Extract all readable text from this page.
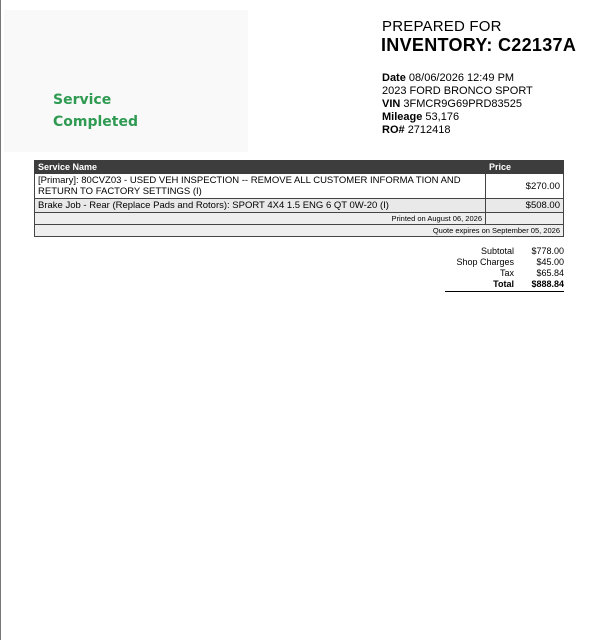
Service
Completed
PREPARED FOR
INVENTORY: C22137A
Date 08/06/2026 12:49 PM
2023 FORD BRONCO SPORT
VIN 3FMCR9G69PRD83525
Mileage 53,176
RO# 2712418
Service Name	Price
[Primary]: 80CVZ03 - USED VEH INSPECTION -- REMOVE ALL CUSTOMER INFORMA TION AND RETURN TO FACTORY SETTINGS (I)	$270.00
Brake Job - Rear (Replace Pads and Rotors): SPORT 4X4 1.5 ENG 6 QT 0W-20 (I)	$508.00
Printed on August 06, 2026	
Quote expires on September 05, 2026	
Subtotal	$778.00
Shop Charges	$45.00
Tax	$65.84
Total	$888.84
